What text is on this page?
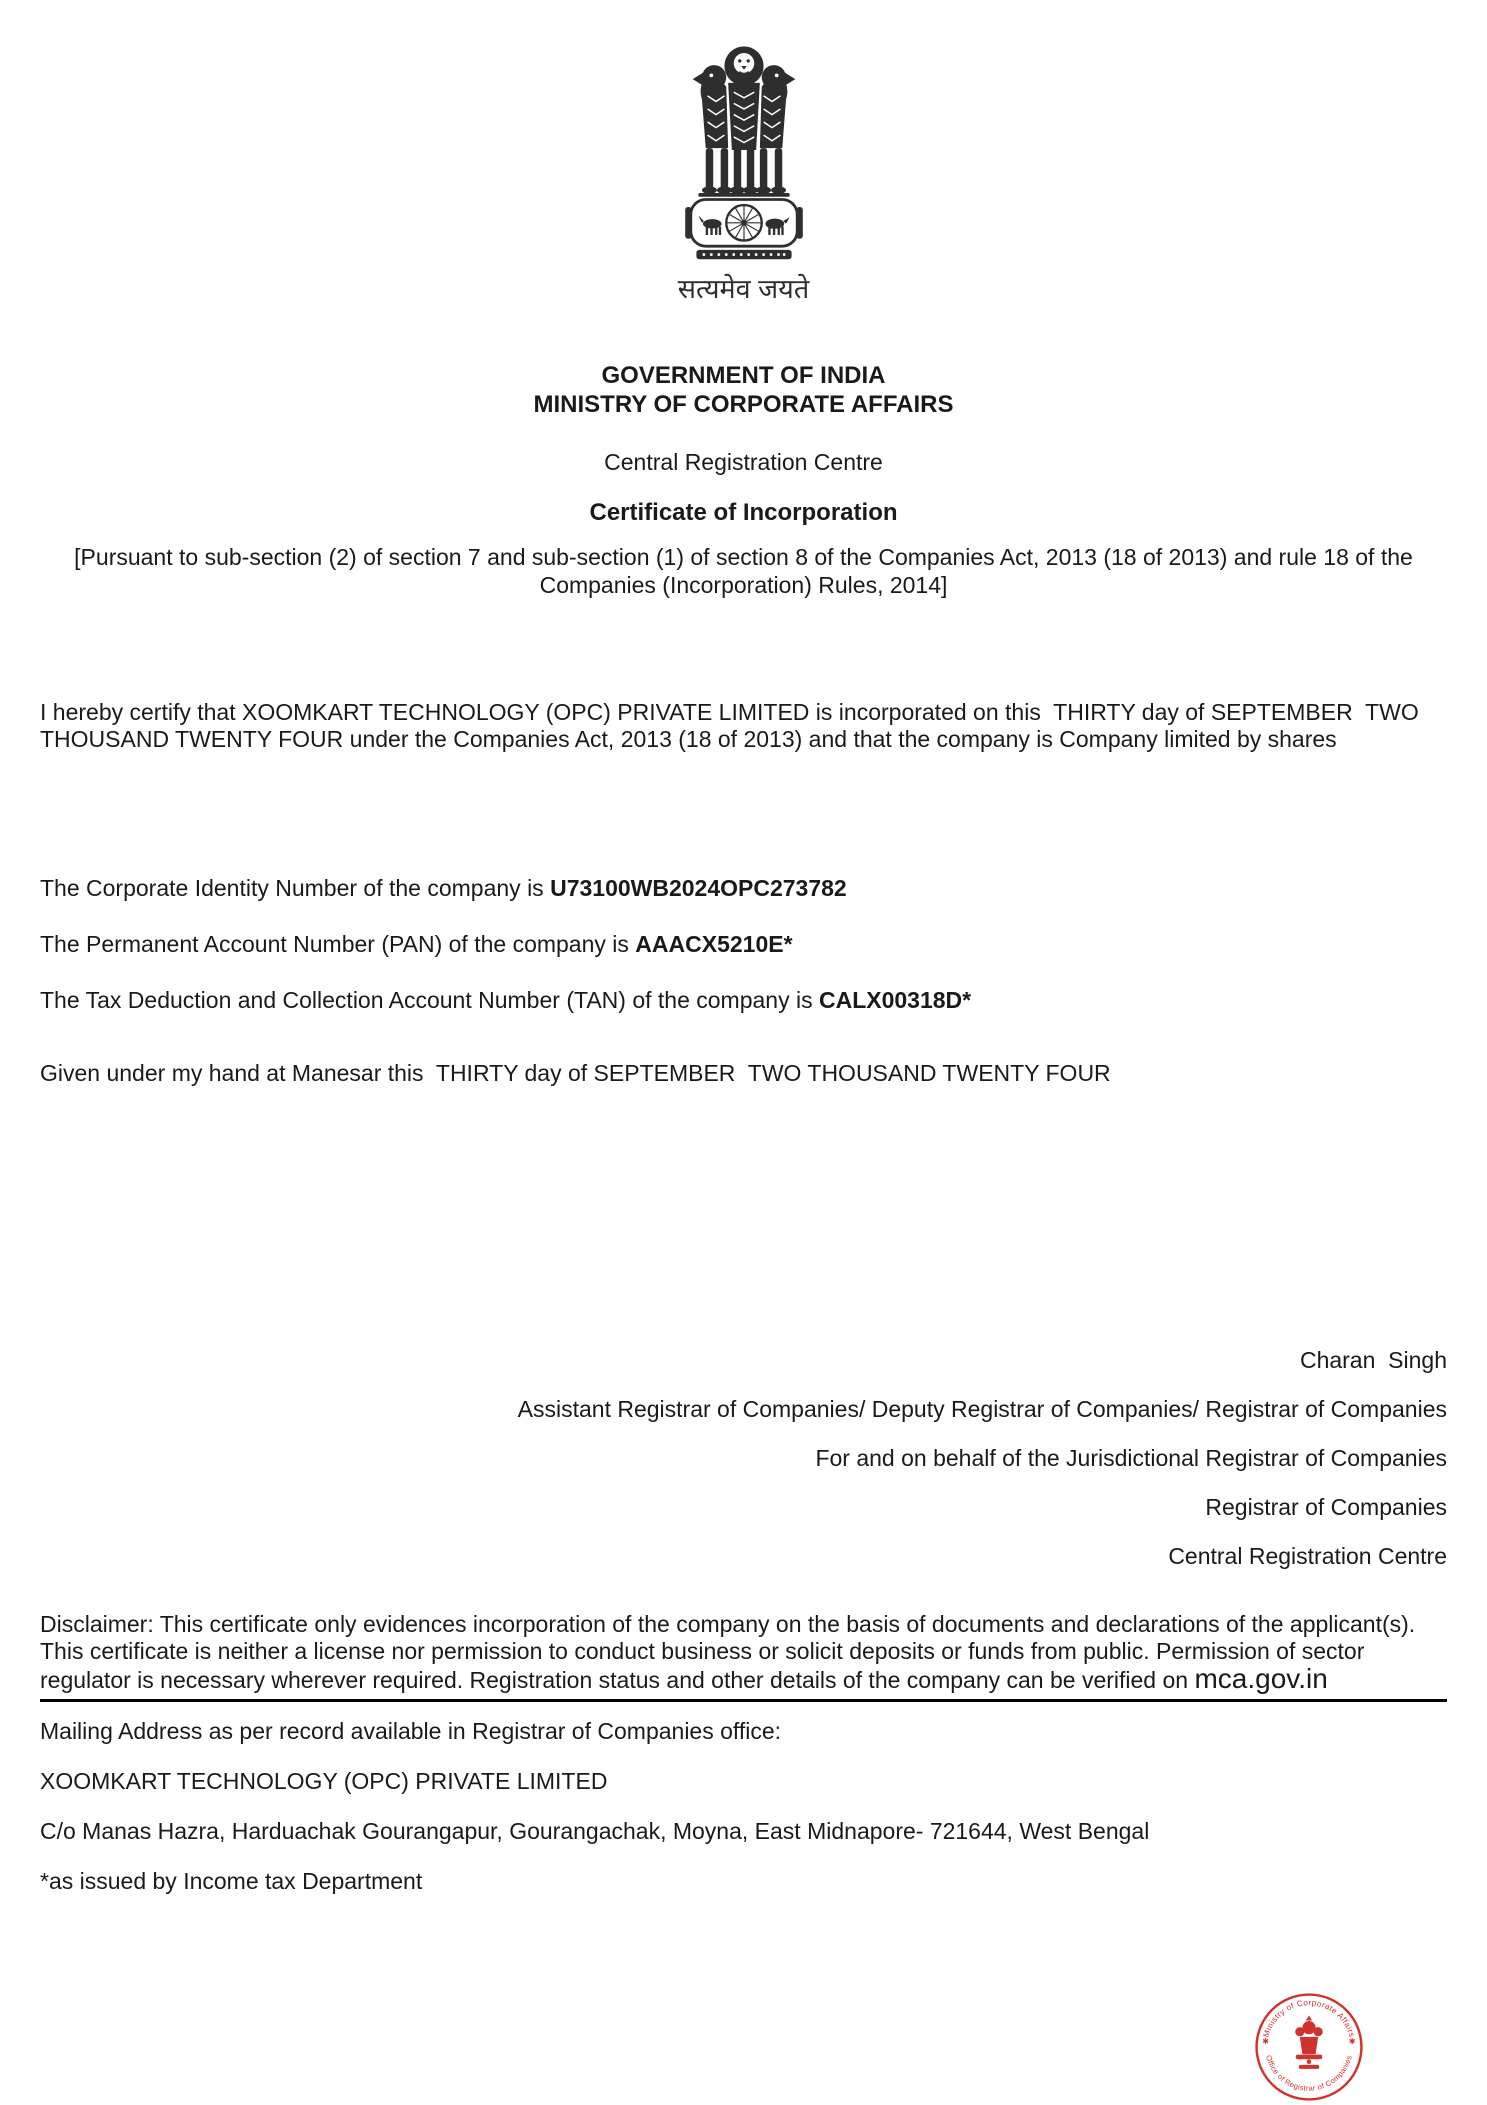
सत्यमेव जयते
GOVERNMENT OF INDIA
MINISTRY OF CORPORATE AFFAIRS
Central Registration Centre
Certificate of Incorporation
[Pursuant to sub-section (2) of section 7 and sub-section (1) of section 8 of the Companies Act, 2013 (18 of 2013) and rule 18 of the Companies (Incorporation) Rules, 2014]

I hereby certify that XOOMKART TECHNOLOGY (OPC) PRIVATE LIMITED is incorporated on this  THIRTY day of SEPTEMBER  TWO THOUSAND TWENTY FOUR under the Companies Act, 2013 (18 of 2013) and that the company is Company limited by shares

The Corporate Identity Number of the company is U73100WB2024OPC273782

The Permanent Account Number (PAN) of the company is AAACX5210E*

The Tax Deduction and Collection Account Number (TAN) of the company is CALX00318D*

Given under my hand at Manesar this  THIRTY day of SEPTEMBER  TWO THOUSAND TWENTY FOUR

Charan  Singh
Assistant Registrar of Companies/ Deputy Registrar of Companies/ Registrar of Companies
For and on behalf of the Jurisdictional Registrar of Companies
Registrar of Companies
Central Registration Centre

Disclaimer: This certificate only evidences incorporation of the company on the basis of documents and declarations of the applicant(s). This certificate is neither a license nor permission to conduct business or solicit deposits or funds from public. Permission of sector regulator is necessary wherever required. Registration status and other details of the company can be verified on mca.gov.in

Mailing Address as per record available in Registrar of Companies office:

XOOMKART TECHNOLOGY (OPC) PRIVATE LIMITED

C/o Manas Hazra, Harduachak Gourangapur, Gourangachak, Moyna, East Midnapore- 721644, West Bengal

*as issued by Income tax Department

Ministry of Corporate Affairs
Office of Registrar of Companies
✱	✱
